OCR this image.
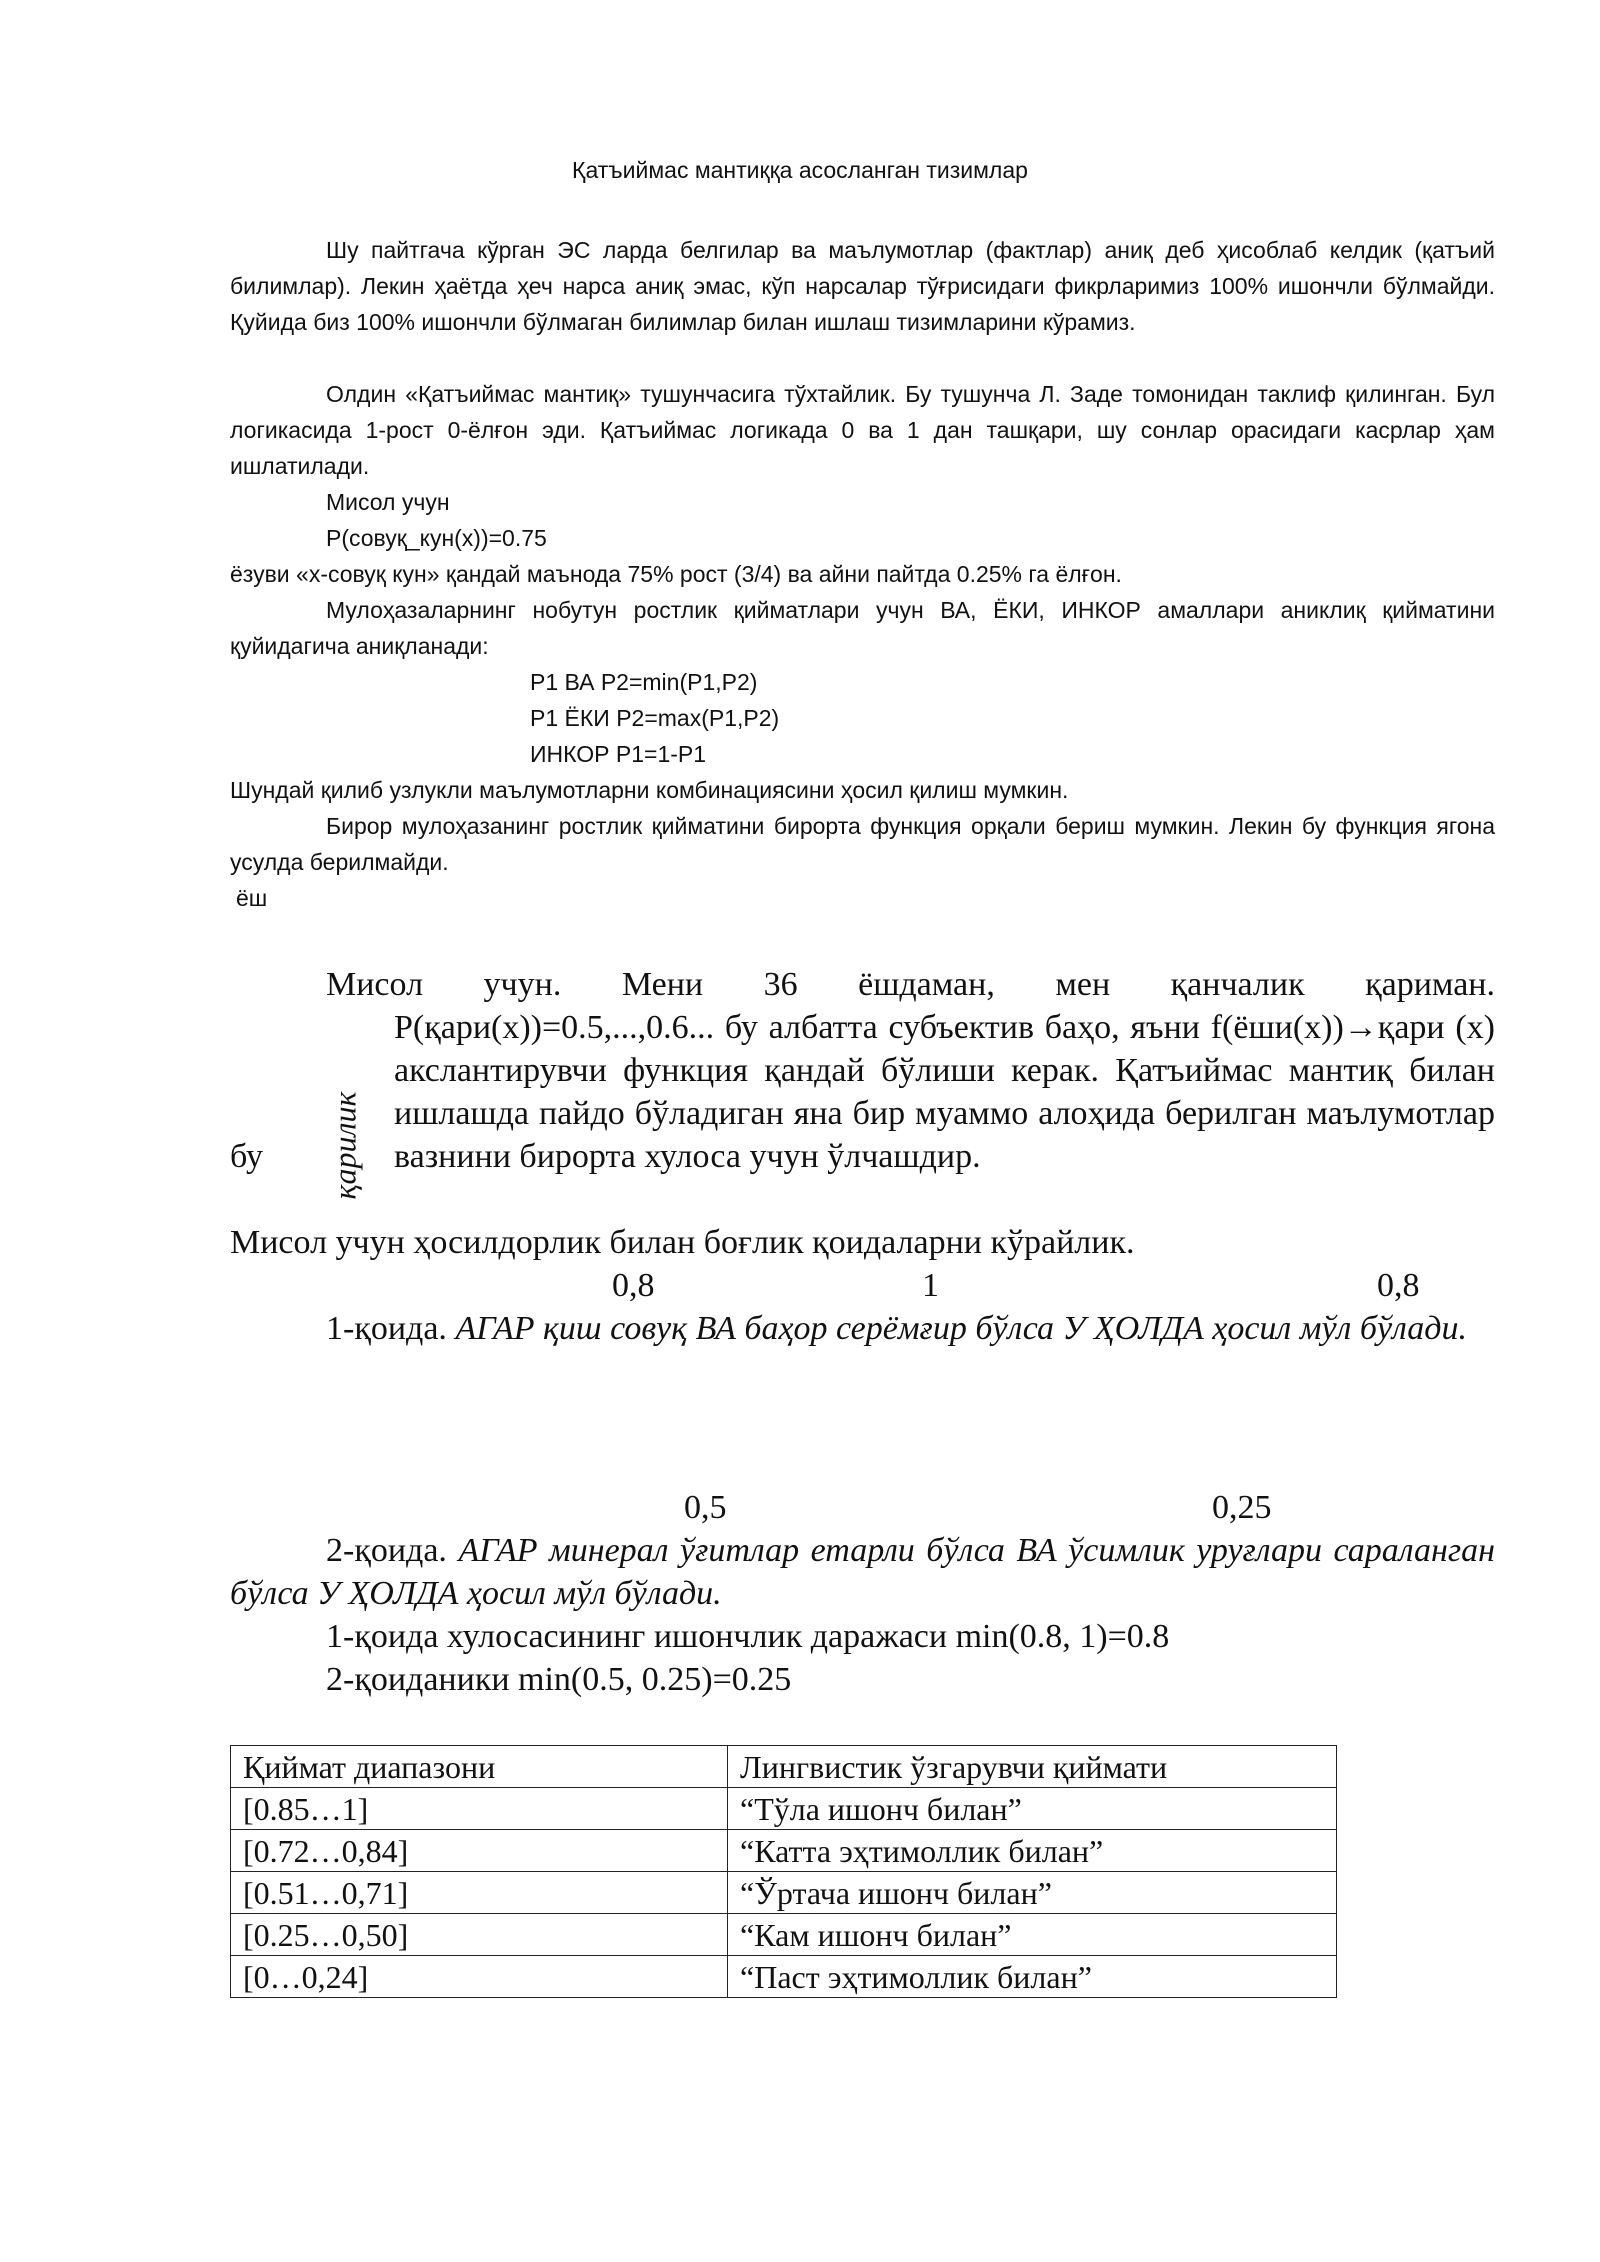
Қатъиймас мантиққа асосланган тизимлар
Шу пайтгача кўрган ЭС ларда белгилар ва маълумотлар (фактлар) аниқ деб ҳисоблаб келдик (қатъий билимлар). Лекин ҳаётда ҳеч нарса аниқ эмас, кўп нарсалар тўғрисидаги фикрларимиз 100% ишончли бўлмайди. Қуйида биз 100% ишончли бўлмаган билимлар билан ишлаш тизимларини кўрамиз.
Олдин «Қатъиймас мантиқ» тушунчасига тўхтайлик. Бу тушунча Л. Заде томонидан таклиф қилинган. Бул логикасида 1-рост 0-ёлғон эди. Қатъиймас логикада 0 ва 1 дан ташқари, шу сонлар орасидаги касрлар ҳам ишлатилади.
Мисол учун
P(совуқ_кун(x))=0.75
ёзуви «х-совуқ кун» қандай маънода 75% рост (3/4) ва айни пайтда 0.25% га ёлғон.
Мулоҳазаларнинг нобутун ростлик қийматлари учун ВА, ЁКИ, ИНКОР амаллари аниклиқ қийматини қуйидагича аниқланади:
P1 ВА P2=min(P1,P2)
P1 ЁКИ P2=max(P1,P2)
ИНКОР P1=1-P1
Шундай қилиб узлукли маълумотларни комбинациясини ҳосил қилиш мумкин.
Бирор мулоҳазанинг ростлик қийматини бирорта функция орқали бериш мумкин. Лекин бу функция ягона усулда берилмайди.
ёш
Мисол учун. Мени 36 ёшдаман, мен қанчалик қариман.
P(қари(x))=0.5,...,0.6... бу албатта субъектив баҳо, яъни f(ёши(x))→қари (x) акслантирувчи функция қандай бўлиши керак. Қатъиймас мантиқ билан ишлашда пайдо бўладиган яна бир муаммо алоҳида берилган маълумотлар вазнини бирорта хулоса учун ўлчашдир.
бу қарилик
Мисол учун ҳосилдорлик билан боғлик қоидаларни кўрайлик.
0,8	1	0,8
1-қоида. АГАР қиш совуқ ВА баҳор серёмғир бўлса У ҲОЛДА ҳосил мўл бўлади.
0,5	0,25
2-қоида. АГАР минерал ўғитлар етарли бўлса ВА ўсимлик уруғлари сараланган бўлса У ҲОЛДА ҳосил мўл бўлади.
1-қоида хулосасининг ишончлик даражаси min(0.8, 1)=0.8
2-қоиданики min(0.5, 0.25)=0.25
Қиймат диапазони	Лингвистик ўзгарувчи қиймати
[0.85…1]	“Тўла ишонч билан”
[0.72…0,84]	“Катта эҳтимоллик билан”
[0.51…0,71]	“Ўртача ишонч билан”
[0.25…0,50]	“Кам ишонч билан”
[0…0,24]	“Паст эҳтимоллик билан”
